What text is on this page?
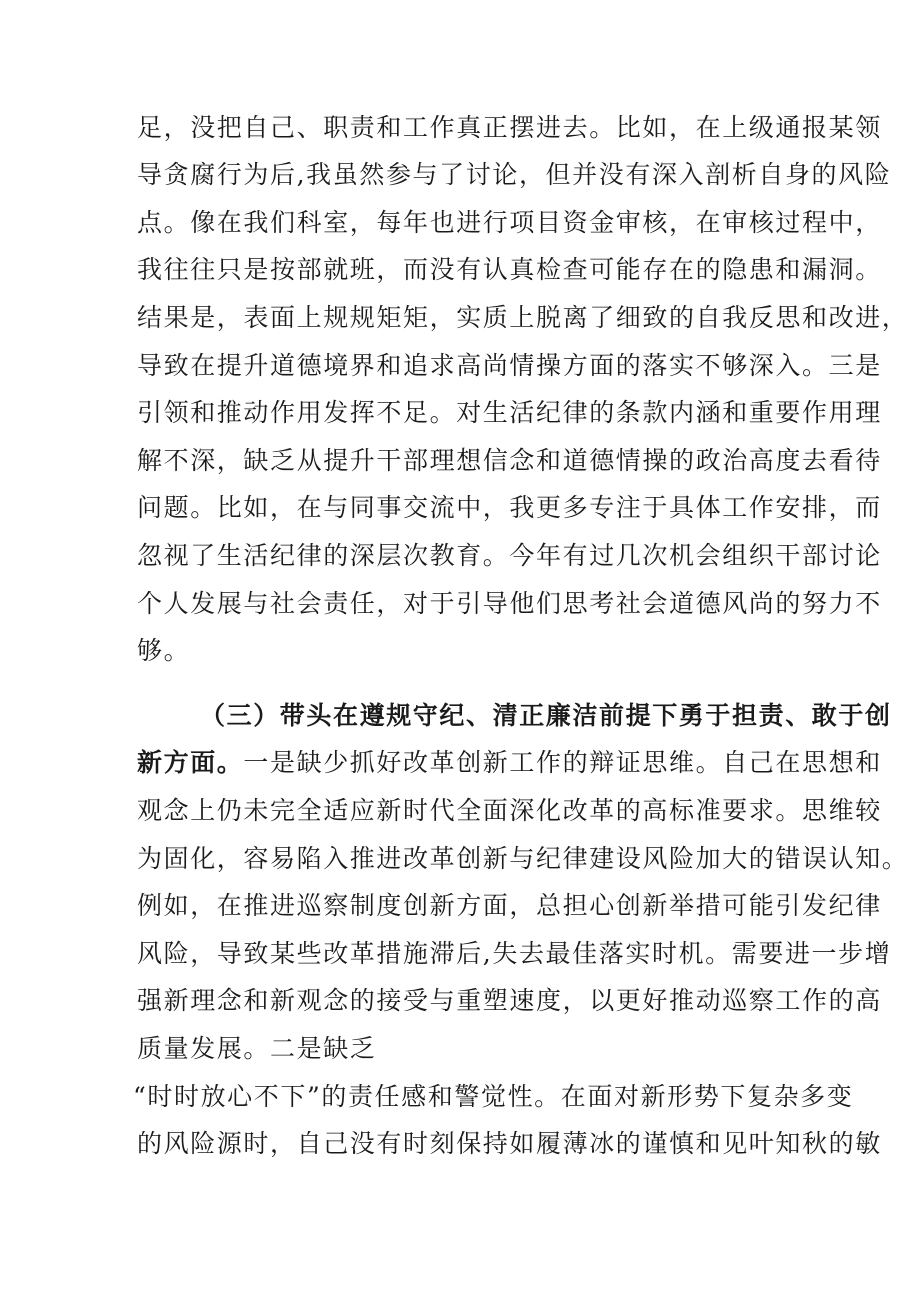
足，没把自己、职责和工作真正摆进去。比如，在上级通报某领
导贪腐行为后,我虽然参与了讨论，但并没有深入剖析自身的风险
点。像在我们科室，每年也进行项目资金审核，在审核过程中，
我往往只是按部就班，而没有认真检查可能存在的隐患和漏洞。
结果是，表面上规规矩矩，实质上脱离了细致的自我反思和改进，
导致在提升道德境界和追求高尚情操方面的落实不够深入。三是
引领和推动作用发挥不足。对生活纪律的条款内涵和重要作用理
解不深，缺乏从提升干部理想信念和道德情操的政治高度去看待
问题。比如，在与同事交流中，我更多专注于具体工作安排，而
忽视了生活纪律的深层次教育。今年有过几次机会组织干部讨论
个人发展与社会责任，对于引导他们思考社会道德风尚的努力不
够。
（三）带头在遵规守纪、清正廉洁前提下勇于担责、敢于创
新方面。一是缺少抓好改革创新工作的辩证思维。自己在思想和
观念上仍未完全适应新时代全面深化改革的高标准要求。思维较
为固化，容易陷入推进改革创新与纪律建设风险加大的错误认知。
例如，在推进巡察制度创新方面，总担心创新举措可能引发纪律
风险，导致某些改革措施滞后,失去最佳落实时机。需要进一步增
强新理念和新观念的接受与重塑速度，以更好推动巡察工作的高
质量发展。二是缺乏
“时时放心不下”的责任感和警觉性。在面对新形势下复杂多变
的风险源时，自己没有时刻保持如履薄冰的谨慎和见叶知秋的敏
